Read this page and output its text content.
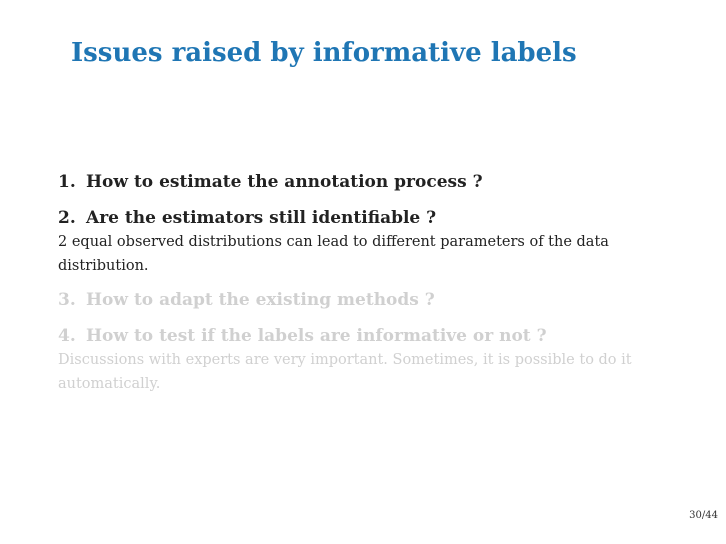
Issues raised by informative labels
1. How to estimate the annotation process ?
2. Are the estimators still identifiable ?
2 equal observed distributions can lead to different parameters of the data distribution.
3. How to adapt the existing methods ?
4. How to test if the labels are informative or not ?
Discussions with experts are very important. Sometimes, it is possible to do it automatically.
30/44
